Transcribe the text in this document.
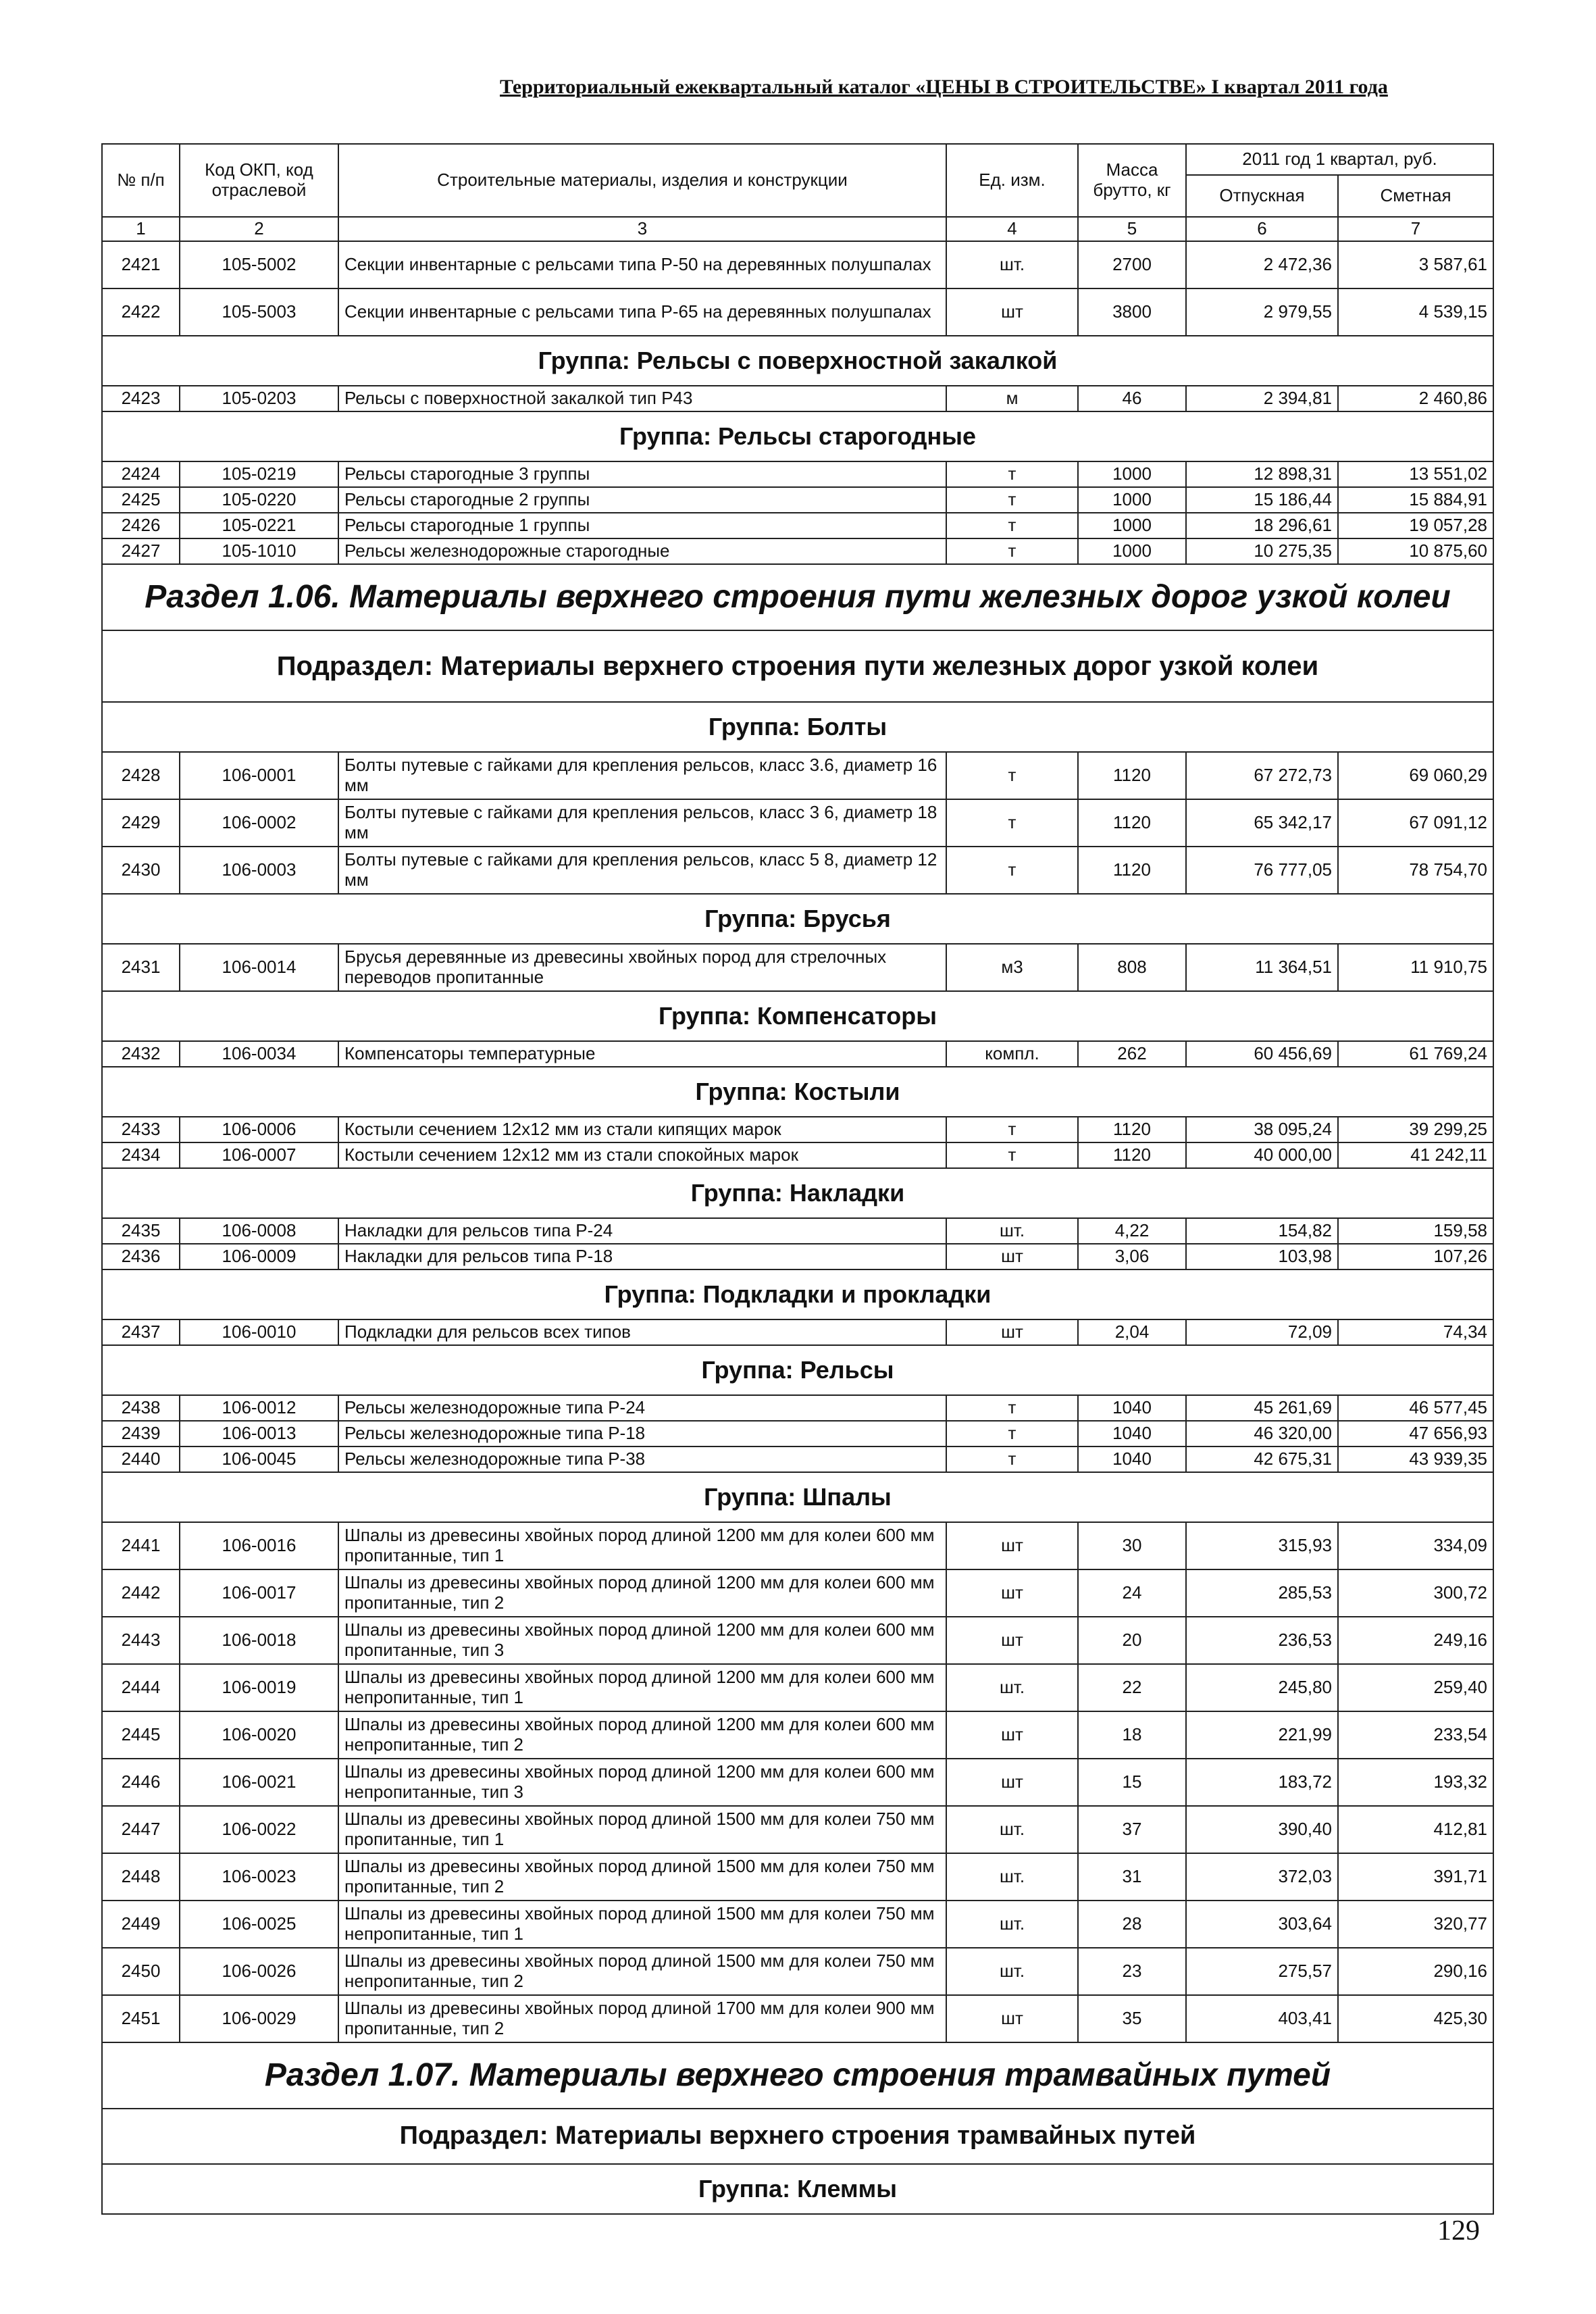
Территориальный ежеквартальный каталог «ЦЕНЫ В СТРОИТЕЛЬСТВЕ» I квартал 2011 года
№ п/п	Код ОКП, код отраслевой	Строительные материалы, изделия и конструкции	Ед. изм.	Масса брутто, кг	2011 год 1 квартал, руб.	
					Отпускная	Сметная
1	2	3	4	5	6	7
2421	105-5002	Секции инвентарные с рельсами типа Р-50 на деревянных полушпалах	шт.	2700	2 472,36	3 587,61
2422	105-5003	Секции инвентарные с рельсами типа Р-65 на деревянных полушпалах	шт	3800	2 979,55	4 539,15
Группа: Рельсы с поверхностной закалкой						
2423	105-0203	Рельсы с поверхностной закалкой тип Р43	м	46	2 394,81	2 460,86
Группа: Рельсы старогодные						
2424	105-0219	Рельсы старогодные 3 группы	т	1000	12 898,31	13 551,02
2425	105-0220	Рельсы старогодные 2 группы	т	1000	15 186,44	15 884,91
2426	105-0221	Рельсы старогодные 1 группы	т	1000	18 296,61	19 057,28
2427	105-1010	Рельсы железнодорожные старогодные	т	1000	10 275,35	10 875,60
Раздел 1.06. Материалы верхнего строения пути железных дорог узкой колеи						
Подраздел: Материалы верхнего строения пути железных дорог узкой колеи						
Группа: Болты						
2428	106-0001	Болты путевые с гайками для крепления рельсов, класс 3.6, диаметр 16 мм	т	1120	67 272,73	69 060,29
2429	106-0002	Болты путевые с гайками для крепления рельсов, класс 3 6, диаметр 18 мм	т	1120	65 342,17	67 091,12
2430	106-0003	Болты путевые с гайками для крепления рельсов, класс 5 8, диаметр 12 мм	т	1120	76 777,05	78 754,70
Группа: Брусья						
2431	106-0014	Брусья деревянные из древесины хвойных пород для стрелочных переводов пропитанные	м3	808	11 364,51	11 910,75
Группа: Компенсаторы						
2432	106-0034	Компенсаторы температурные	компл.	262	60 456,69	61 769,24
Группа: Костыли						
2433	106-0006	Костыли сечением 12х12 мм из стали кипящих марок	т	1120	38 095,24	39 299,25
2434	106-0007	Костыли сечением 12х12 мм из стали спокойных марок	т	1120	40 000,00	41 242,11
Группа: Накладки						
2435	106-0008	Накладки для рельсов типа Р-24	шт.	4,22	154,82	159,58
2436	106-0009	Накладки для рельсов типа Р-18	шт	3,06	103,98	107,26
Группа: Подкладки и прокладки						
2437	106-0010	Подкладки для рельсов всех типов	шт	2,04	72,09	74,34
Группа: Рельсы						
2438	106-0012	Рельсы железнодорожные типа Р-24	т	1040	45 261,69	46 577,45
2439	106-0013	Рельсы железнодорожные типа Р-18	т	1040	46 320,00	47 656,93
2440	106-0045	Рельсы железнодорожные типа Р-38	т	1040	42 675,31	43 939,35
Группа: Шпалы						
2441	106-0016	Шпалы из древесины хвойных пород длиной 1200 мм для колеи 600 мм пропитанные, тип 1	шт	30	315,93	334,09
2442	106-0017	Шпалы из древесины хвойных пород длиной 1200 мм для колеи 600 мм пропитанные, тип 2	шт	24	285,53	300,72
2443	106-0018	Шпалы из древесины хвойных пород длиной 1200 мм для колеи 600 мм пропитанные, тип 3	шт	20	236,53	249,16
2444	106-0019	Шпалы из древесины хвойных пород длиной 1200 мм для колеи 600 мм непропитанные, тип 1	шт.	22	245,80	259,40
2445	106-0020	Шпалы из древесины хвойных пород длиной 1200 мм для колеи 600 мм непропитанные, тип 2	шт	18	221,99	233,54
2446	106-0021	Шпалы из древесины хвойных пород длиной 1200 мм для колеи 600 мм непропитанные, тип 3	шт	15	183,72	193,32
2447	106-0022	Шпалы из древесины хвойных пород длиной 1500 мм для колеи 750 мм пропитанные, тип 1	шт.	37	390,40	412,81
2448	106-0023	Шпалы из древесины хвойных пород длиной 1500 мм для колеи 750 мм пропитанные, тип 2	шт.	31	372,03	391,71
2449	106-0025	Шпалы из древесины хвойных пород длиной 1500 мм для колеи 750 мм непропитанные, тип 1	шт.	28	303,64	320,77
2450	106-0026	Шпалы из древесины хвойных пород длиной 1500 мм для колеи 750 мм непропитанные, тип 2	шт.	23	275,57	290,16
2451	106-0029	Шпалы из древесины хвойных пород длиной 1700 мм для колеи 900 мм пропитанные, тип 2	шт	35	403,41	425,30
Раздел 1.07. Материалы верхнего строения трамвайных путей						
Подраздел: Материалы верхнего строения трамвайных путей						
Группа: Клеммы						
129
